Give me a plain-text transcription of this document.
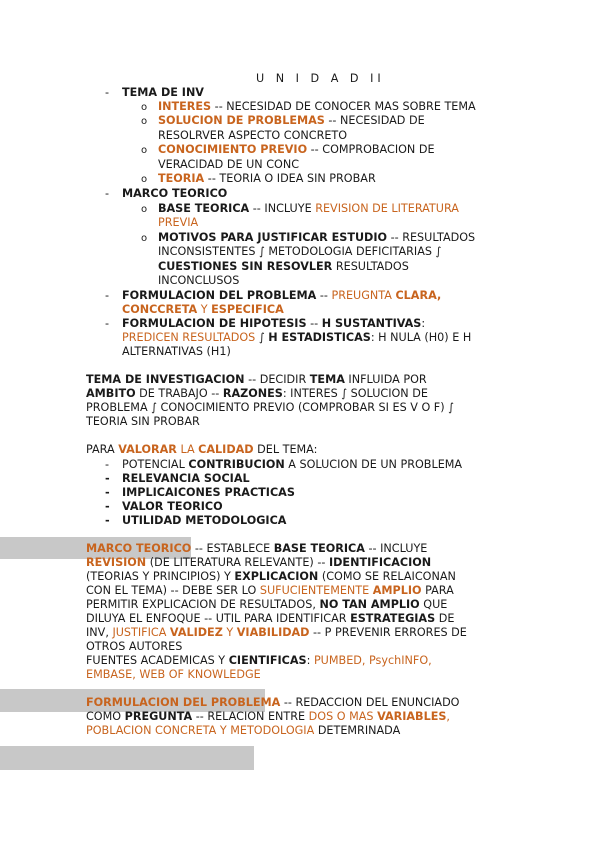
U N I D A D II
- TEMA DE INV
o INTERES -- NECESIDAD DE CONOCER MAS SOBRE TEMA
o SOLUCION DE PROBLEMAS -- NECESIDAD DE
RESOLRVER ASPECTO CONCRETO
o CONOCIMIENTO PREVIO -- COMPROBACION DE
VERACIDAD DE UN CONC
o TEORIA -- TEORIA O IDEA SIN PROBAR
- MARCO TEORICO
o BASE TEORICA -- INCLUYE REVISION DE LITERATURA
PREVIA
o MOTIVOS PARA JUSTIFICAR ESTUDIO -- RESULTADOS
INCONSISTENTES ∫ METODOLOGIA DEFICITARIAS ∫
CUESTIONES SIN RESOVLER RESULTADOS
INCONCLUSOS
- FORMULACION DEL PROBLEMA -- PREUGNTA CLARA,
CONCCRETA Y ESPECIFICA
- FORMULACION DE HIPOTESIS -- H SUSTANTIVAS:
PREDICEN RESULTADOS ∫ H ESTADISTICAS: H NULA (H0) E H
ALTERNATIVAS (H1)
TEMA DE INVESTIGACION -- DECIDIR TEMA INFLUIDA POR
AMBITO DE TRABAJO -- RAZONES: INTERES ∫ SOLUCION DE
PROBLEMA ∫ CONOCIMIENTO PREVIO (COMPROBAR SI ES V O F) ∫
TEORIA SIN PROBAR
PARA VALORAR LA CALIDAD DEL TEMA:
- POTENCIAL CONTRIBUCION A SOLUCION DE UN PROBLEMA
- RELEVANCIA SOCIAL
- IMPLICAICONES PRACTICAS
- VALOR TEORICO
- UTILIDAD METODOLOGICA
MARCO TEORICO -- ESTABLECE BASE TEORICA -- INCLUYE
REVISION (DE LITERATURA RELEVANTE) -- IDENTIFICACION
(TEORIAS Y PRINCIPIOS) Y EXPLICACION (COMO SE RELAICONAN
CON EL TEMA) -- DEBE SER LO SUFUCIENTEMENTE AMPLIO PARA
PERMITIR EXPLICACION DE RESULTADOS, NO TAN AMPLIO QUE
DILUYA EL ENFOQUE -- UTIL PARA IDENTIFICAR ESTRATEGIAS DE
INV, JUSTIFICA VALIDEZ Y VIABILIDAD -- P PREVENIR ERRORES DE
OTROS AUTORES
FUENTES ACADEMICAS Y CIENTIFICAS: PUMBED, PsychINFO,
EMBASE, WEB OF KNOWLEDGE
FORMULACION DEL PROBLEMA -- REDACCION DEL ENUNCIADO
COMO PREGUNTA -- RELACION ENTRE DOS O MAS VARIABLES,
POBLACION CONCRETA Y METODOLOGIA DETEMRINADA
